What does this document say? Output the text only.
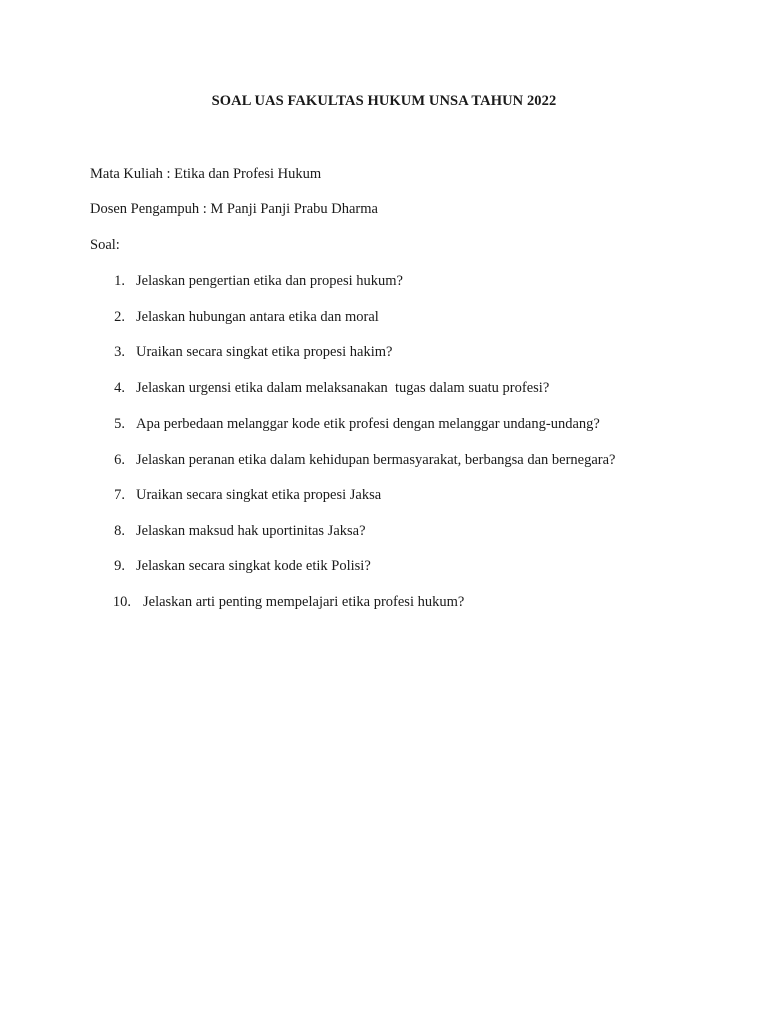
SOAL UAS FAKULTAS HUKUM UNSA TAHUN 2022
Mata Kuliah : Etika dan Profesi Hukum
Dosen Pengampuh : M Panji Panji Prabu Dharma
Soal:

1.

Jelaskan pengertian etika dan propesi hukum?

2.

Jelaskan hubungan antara etika dan moral

3.

Uraikan secara singkat etika propesi hakim?

4.

Jelaskan urgensi etika dalam melaksanakan  tugas dalam suatu profesi?

5.

Apa perbedaan melanggar kode etik profesi dengan melanggar undang-undang?

6.

Jelaskan peranan etika dalam kehidupan bermasyarakat, berbangsa dan bernegara?

7.

Uraikan secara singkat etika propesi Jaksa

8.

Jelaskan maksud hak uportinitas Jaksa?

9.

Jelaskan secara singkat kode etik Polisi?

10.

Jelaskan arti penting mempelajari etika profesi hukum?
